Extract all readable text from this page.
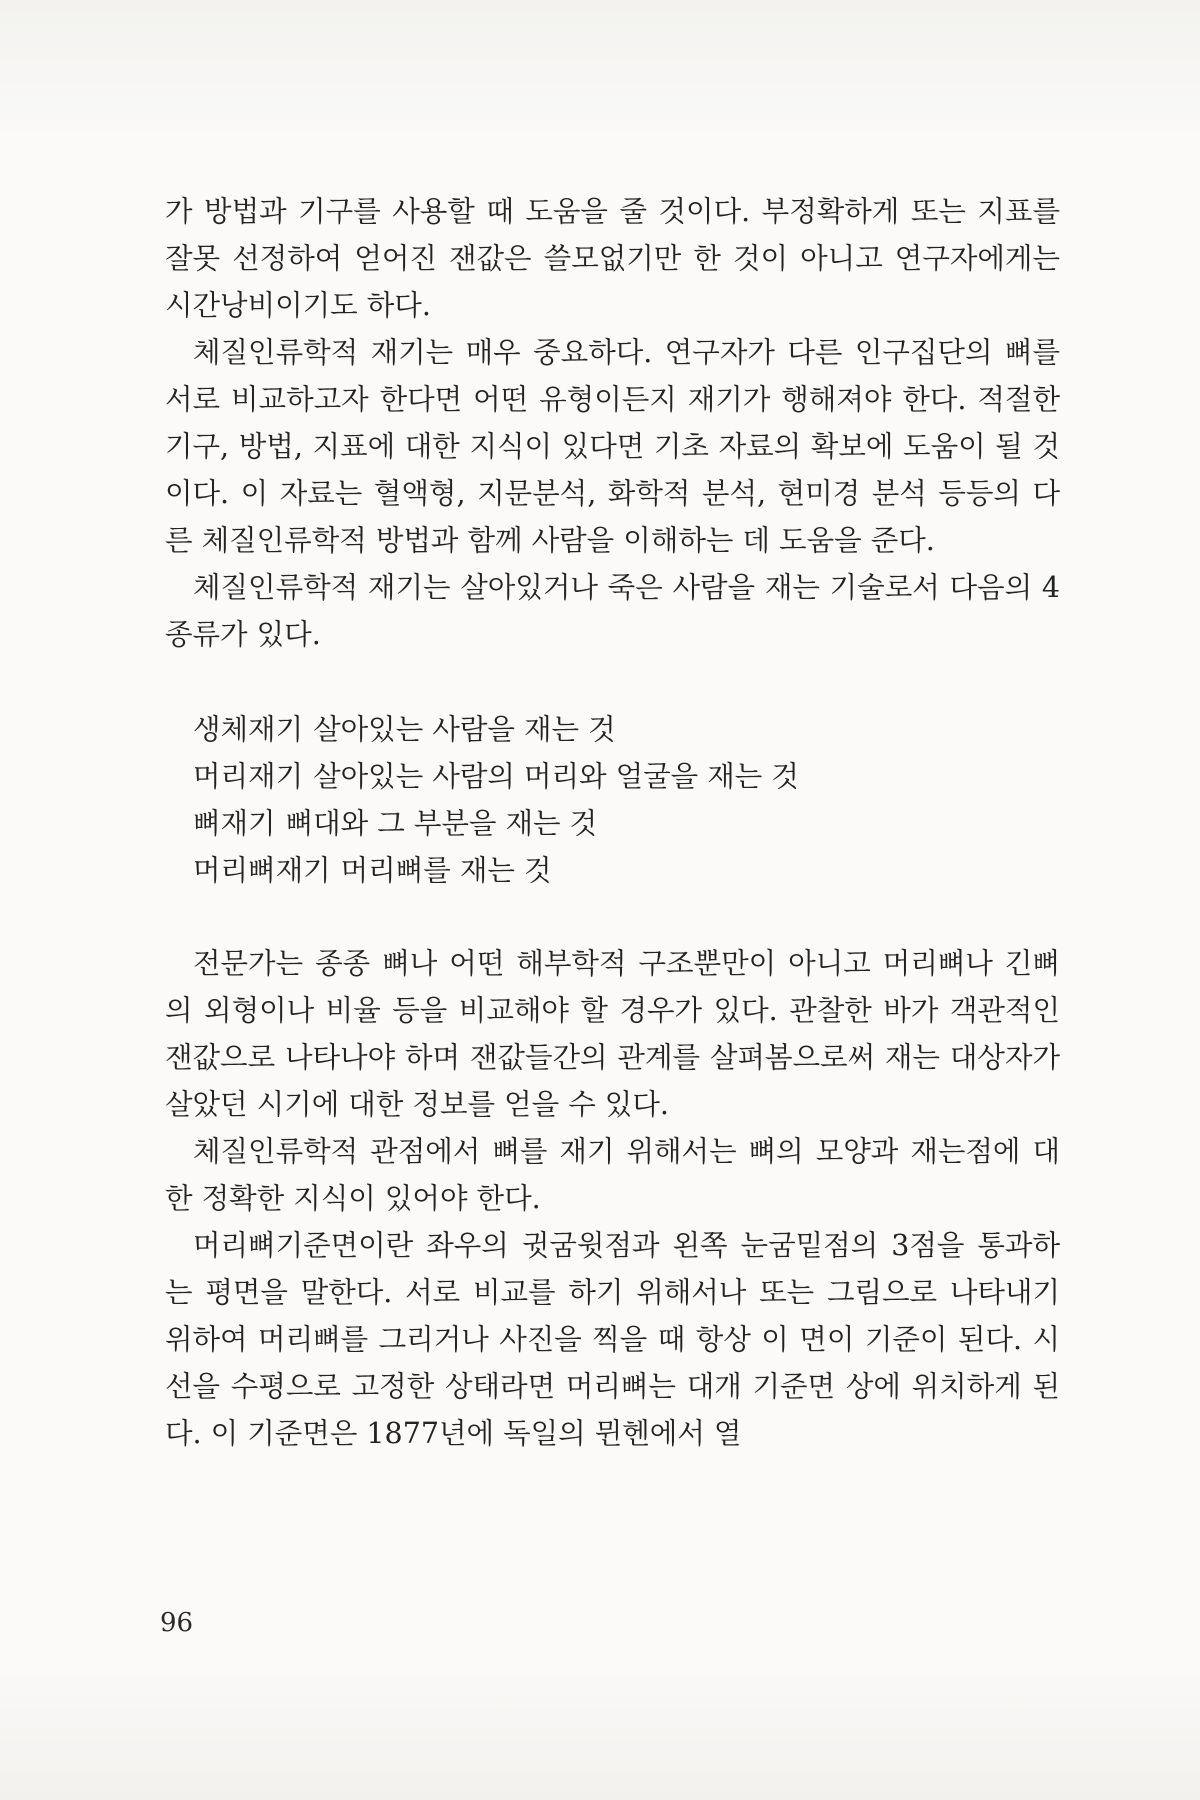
가 방법과 기구를 사용할 때 도움을 줄 것이다. 부정확하게 또는 지표를 잘못 선정하여 얻어진 잰값은 쓸모없기만 한 것이 아니고 연구자에게는 시간낭비이기도 하다.

체질인류학적 재기는 매우 중요하다. 연구자가 다른 인구집단의 뼈를 서로 비교하고자 한다면 어떤 유형이든지 재기가 행해져야 한다. 적절한 기구, 방법, 지표에 대한 지식이 있다면 기초 자료의 확보에 도움이 될 것이다. 이 자료는 혈액형, 지문분석, 화학적 분석, 현미경 분석 등등의 다른 체질인류학적 방법과 함께 사람을 이해하는 데 도움을 준다.

체질인류학적 재기는 살아있거나 죽은 사람을 재는 기술로서 다음의 4 종류가 있다.

생체재기 살아있는 사람을 재는 것
머리재기 살아있는 사람의 머리와 얼굴을 재는 것
뼈재기 뼈대와 그 부분을 재는 것
머리뼈재기 머리뼈를 재는 것

전문가는 종종 뼈나 어떤 해부학적 구조뿐만이 아니고 머리뼈나 긴뼈의 외형이나 비율 등을 비교해야 할 경우가 있다. 관찰한 바가 객관적인 잰값으로 나타나야 하며 잰값들간의 관계를 살펴봄으로써 재는 대상자가 살았던 시기에 대한 정보를 얻을 수 있다.

체질인류학적 관점에서 뼈를 재기 위해서는 뼈의 모양과 재는점에 대한 정확한 지식이 있어야 한다.

머리뼈기준면이란 좌우의 귓굼윗점과 왼쪽 눈굼밑점의 3점을 통과하는 평면을 말한다. 서로 비교를 하기 위해서나 또는 그림으로 나타내기 위하여 머리뼈를 그리거나 사진을 찍을 때 항상 이 면이 기준이 된다. 시선을 수평으로 고정한 상태라면 머리뼈는 대개 기준면 상에 위치하게 된다. 이 기준면은 1877년에 독일의 뮌헨에서 열

96
